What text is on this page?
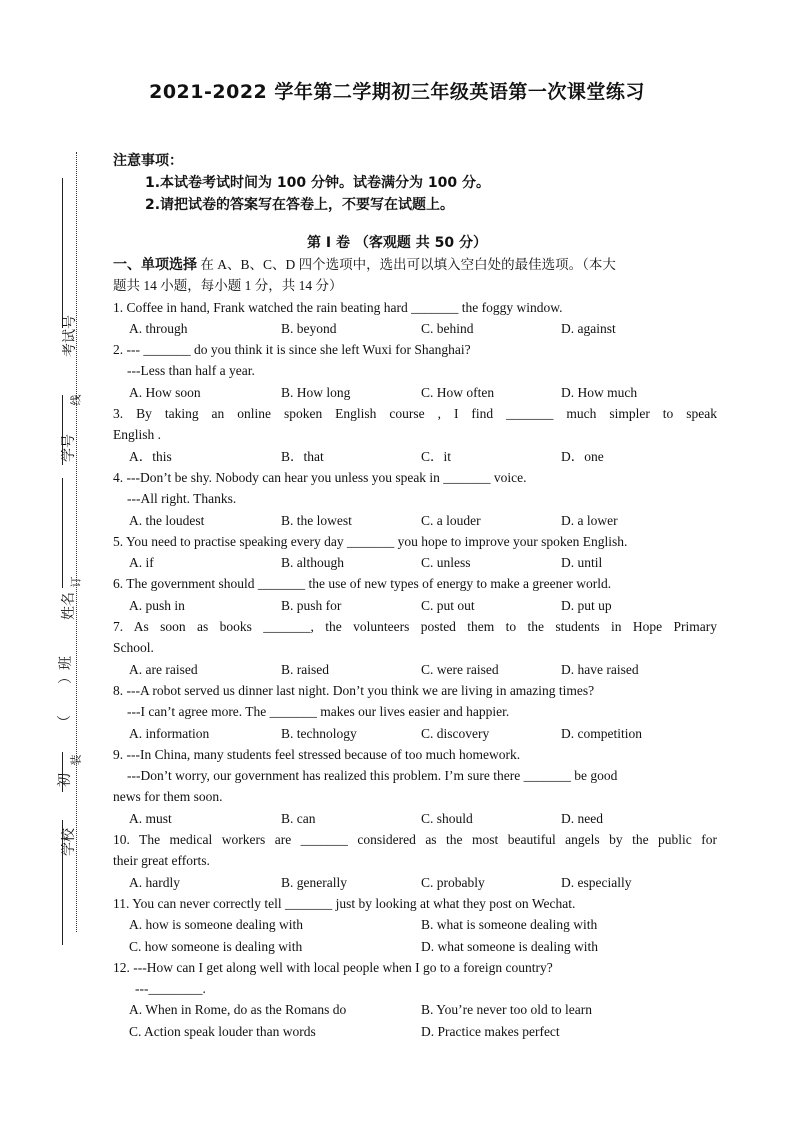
考试号
学号
姓名
）班
（
初
学校
线
订
装
2021-2022 学年第二学期初三年级英语第一次课堂练习
注意事项：
1.本试卷考试时间为 100 分钟。试卷满分为 100 分。
2.请把试卷的答案写在答卷上，不要写在试题上。
第 I 卷 （客观题 共 50 分）
一、单项选择 在 A、B、C、D 四个选项中，选出可以填入空白处的最佳选项。（本大
题共 14 小题，每小题 1 分，共 14 分）
1. Coffee in hand, Frank watched the rain beating hard _______ the foggy window.
A. through	B. beyond	C. behind	D. against
2. --- _______ do you think it is since she left Wuxi for Shanghai?
---Less than half a year.
A. How soon	B. How long	C. How often	D. How much
3. By taking an online spoken English course , I find _______ much simpler to speak
English .
A．this	B．that	C．it	D．one
4. ---Don’t be shy. Nobody can hear you unless you speak in _______ voice.
---All right. Thanks.
A. the loudest	B. the lowest	C. a louder	D. a lower
5. You need to practise speaking every day _______ you hope to improve your spoken English.
A. if	B. although	C. unless	D. until
6. The government should _______ the use of new types of energy to make a greener world.
A. push in	B. push for	C. put out	D. put up
7. As soon as books _______, the volunteers posted them to the students in Hope Primary
School.
A. are raised	B. raised	C. were raised	D. have raised
8. ---A robot served us dinner last night. Don’t you think we are living in amazing times?
---I can’t agree more. The _______ makes our lives easier and happier.
A. information	B. technology	C. discovery	D. competition
9. ---In China, many students feel stressed because of too much homework.
---Don’t worry, our government has realized this problem. I’m sure there _______ be good
news for them soon.
A. must	B. can	C. should	D. need
10. The medical workers are _______ considered as the most beautiful angels by the public for
their great efforts.
A. hardly	B. generally	C. probably	D. especially
11. You can never correctly tell _______ just by looking at what they post on Wechat.
A. how is someone dealing with	B. what is someone dealing with
C. how someone is dealing with	D. what someone is dealing with
12. ---How can I get along well with local people when I go to a foreign country?
---________.
A. When in Rome, do as the Romans do	B. You’re never too old to learn
C. Action speak louder than words	D. Practice makes perfect
